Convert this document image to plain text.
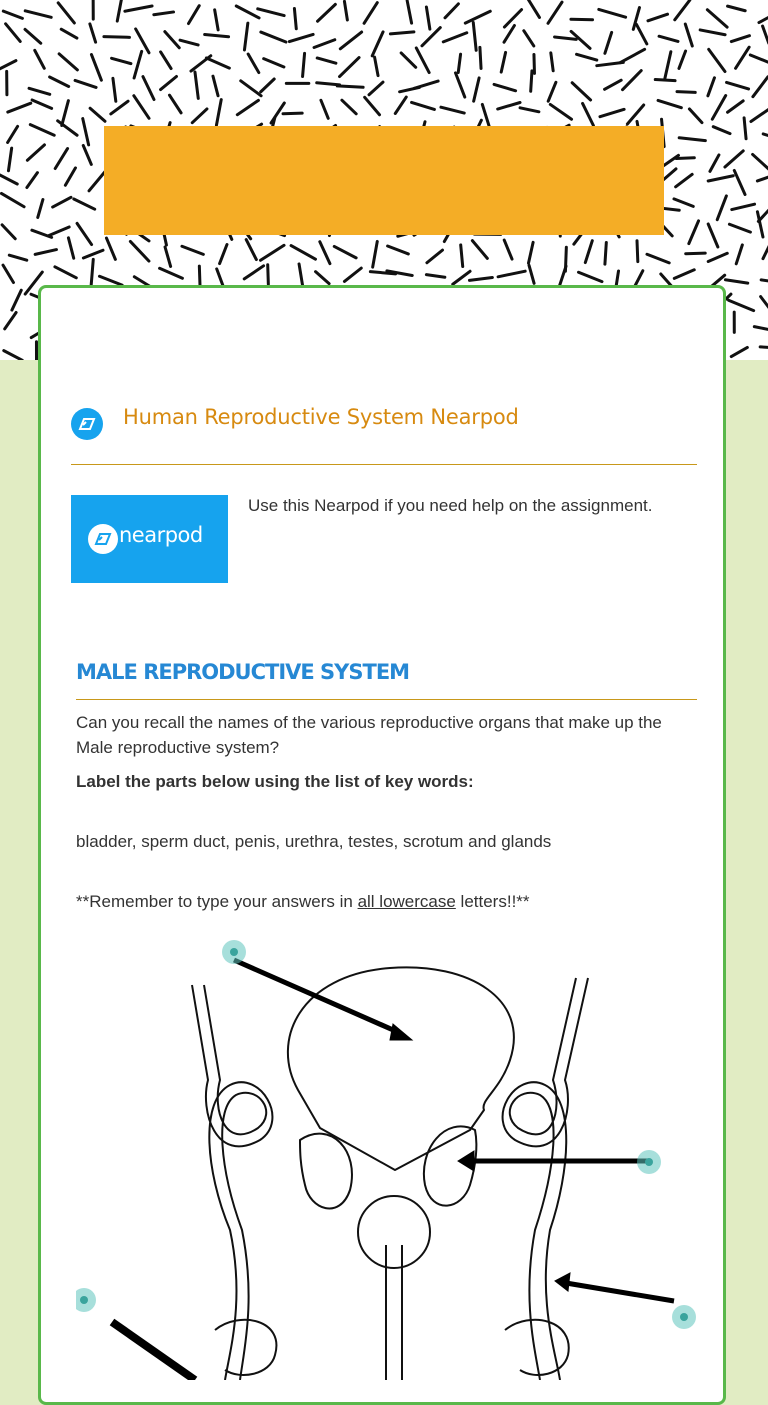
Human Reproductive System Nearpod
nearpod
Use this Nearpod if you need help on the assignment.
MALE REPRODUCTIVE SYSTEM
Can you recall the names of the various reproductive organs that make up the Male reproductive system?
Label the parts below using the list of key words:
bladder, sperm duct, penis, urethra, testes, scrotum and glands
**Remember to type your answers in all lowercase letters!!**
